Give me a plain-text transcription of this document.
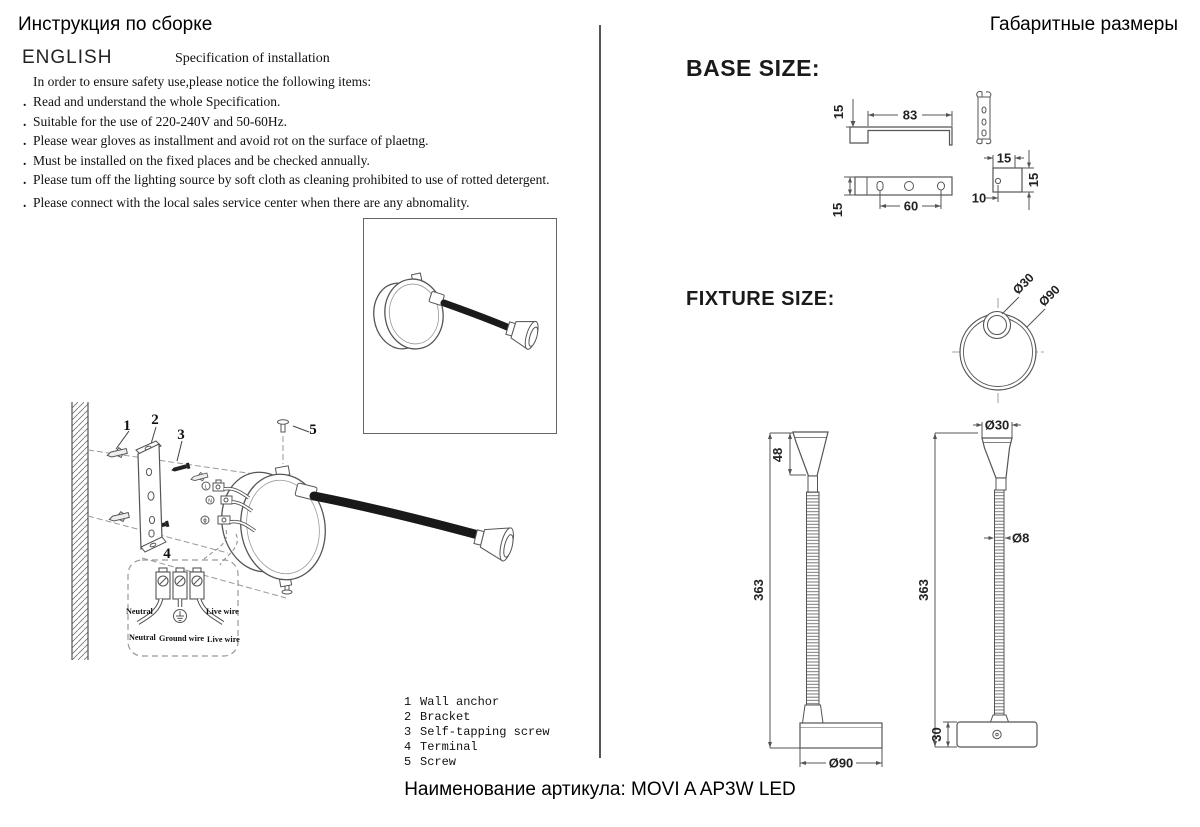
Инструкция по сборке	Габаритные размеры
ENGLISH	Specification of installation
In order to ensure safety use,please notice the following items:
. Read and understand the whole Specification.
. Suitable for the use of 220-240V and 50-60Hz.
. Please wear gloves as installment and avoid rot on the surface of plaetng.
. Must be installed on the fixed places and be checked annually.
. Please tum off the lighting source by soft cloth as cleaning prohibited to use of rotted detergent.
. Please connect with the local sales service center when there are any abnomality.
1 2
3	5
4
L
N
Neutral	Live wire
Neutral Ground wire Live wire
1 Wall anchor
2 Bracket
3 Self-tapping screw
4 Terminal
5 Screw
BASE SIZE:
15	83
60
15
15
15
10
FIXTURE SIZE:
Ø30 Ø90
363
48
Ø90
363
Ø30
Ø8
30
Наименование артикула: MOVI A AP3W LED
